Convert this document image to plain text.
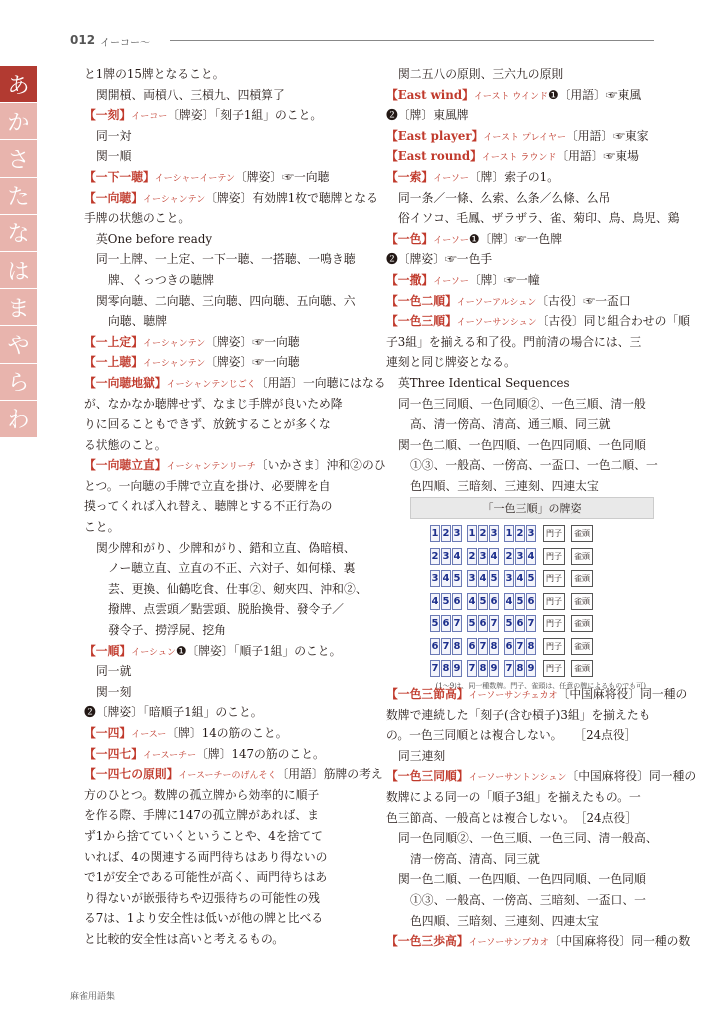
012 イーコー〜
あ
か
さ
た
な
は
ま
や
ら
わ
と1牌の15牌となること。
関開槓、両槓八、三槓九、四槓算了
【一刻】イーコー〔牌姿〕「刻子1組」のこと。
同一対
関一順
【一下一聴】イーシャーイーテン〔牌姿〕☞一向聴
【一向聴】イーシャンテン〔牌姿〕有効牌1枚で聴牌となる
手牌の状態のこと。
英One before ready
同一上牌、一上定、一下一聴、一搭聴、一鳴き聴
牌、くっつきの聴牌
関零向聴、二向聴、三向聴、四向聴、五向聴、六
向聴、聴牌
【一上定】イーシャンテン〔牌姿〕☞一向聴
【一上聴】イーシャンテン〔牌姿〕☞一向聴
【一向聴地獄】イーシャンテンじごく〔用語〕一向聴にはなる
が、なかなか聴牌せず、なまじ手牌が良いため降
りに回ることもできず、放銃することが多くな
る状態のこと。
【一向聴立直】イーシャンテンリーチ〔いかさま〕沖和②のひ
とつ。一向聴の手牌で立直を掛け、必要牌を自
摸ってくれば入れ替え、聴牌とする不正行為の
こと。
関少牌和がり、少牌和がり、錯和立直、偽暗槓、
ノー聴立直、立直の不正、六対子、如何様、裏
芸、更換、仙鶴吃食、仕事②、剱夾四、沖和②、
撥牌、点雲頭／點雲頭、脱胎換骨、發令子／
發令子、撈浮屍、挖角
【一順】イーシュン❶〔牌姿〕「順子1組」のこと。
同一就
関一刻
❷〔牌姿〕「暗順子1組」のこと。
【一四】イースー〔牌〕14の筋のこと。
【一四七】イースーチー〔牌〕147の筋のこと。
【一四七の原則】イースーチーのげんそく〔用語〕筋牌の考え
方のひとつ。数牌の孤立牌から効率的に順子
を作る際、手牌に147の孤立牌があれば、ま
ず1から捨てていくということや、4を捨てて
いれば、4の関連する両門待ちはあり得ないの
で1が安全である可能性が高く、両門待ちはあ
り得ないが嵌張待ちや辺張待ちの可能性の残
る7は、1より安全性は低いが他の牌と比べる
と比較的安全性は高いと考えるもの。
関二五八の原則、三六九の原則
【East wind】イースト ウインド❶〔用語〕☞東風
❷〔牌〕東風牌
【East player】イースト プレイヤー〔用語〕☞東家
【East round】イースト ラウンド〔用語〕☞東場
【一索】イーソー〔牌〕索子の1。
同一条／一條、么索、么条／么條、么吊
俗イソコ、毛鳳、ザラザラ、雀、菊印、鳥、鳥児、鶏
【一色】イーソー❶〔牌〕☞一色牌
❷〔牌姿〕☞一色手
【一撒】イーソー〔牌〕☞一幢
【一色二順】イーソーアルシュン〔古役〕☞一盃口
【一色三順】イーソーサンシュン〔古役〕同じ組合わせの「順
子3組」を揃える和了役。門前清の場合には、三
連刻と同じ牌姿となる。
英Three Identical Sequences
同一色三同順、一色同順②、一色三順、清一般
高、清一傍高、清高、通三順、同三就
関一色二順、一色四順、一色四同順、一色同順
①③、一般高、一傍高、一盃口、一色二順、一
色四順、三暗刻、三連刻、四連太宝
「一色三順」の牌姿
1 2 3 1 2 3 1 2 3	門子	雀頭
2 3 4 2 3 4 2 3 4	門子	雀頭
3 4 5 3 4 5 3 4 5	門子	雀頭
4 5 6 4 5 6 4 5 6	門子	雀頭
5 6 7 5 6 7 5 6 7	門子	雀頭
6 7 8 6 7 8 6 7 8	門子	雀頭
7 8 9 7 8 9 7 8 9	門子	雀頭
(1～9は、同一種数牌。門子、雀頭は、任意の牌によるものでも可)
【一色三節高】イーソーサンチェカオ〔中国麻将役〕同一種の
数牌で連続した「刻子(含む槓子)3組」を揃えたも
の。一色三同順とは複合しない。　　［24点役］
同三連刻
【一色三同順】イーソーサントンシュン〔中国麻将役〕同一種の
数牌による同一の「順子3組」を揃えたもの。一
色三節高、一般高とは複合しない。　［24点役］
同一色同順②、一色三順、一色三同、清一般高、
清一傍高、清高、同三就
関一色二順、一色四順、一色四同順、一色同順
①③、一般高、一傍高、三暗刻、一盃口、一
色四順、三暗刻、三連刻、四連太宝
【一色三歩高】イーソーサンブカオ〔中国麻将役〕同一種の数
麻雀用語集
